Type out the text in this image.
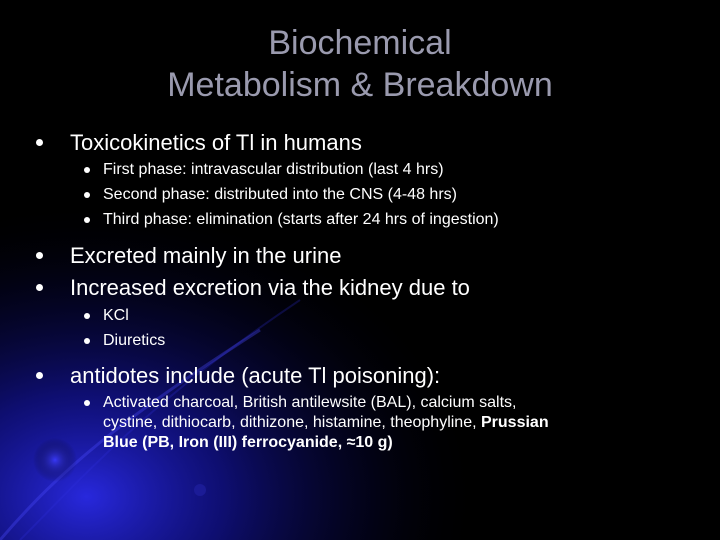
Biochemical
Metabolism & Breakdown
Toxicokinetics of Tl in humans
First phase: intravascular distribution (last 4 hrs)
Second phase: distributed into the CNS (4-48 hrs)
Third phase: elimination (starts after 24 hrs of ingestion)
Excreted mainly in the urine
Increased excretion via the kidney due to
KCl
Diuretics
antidotes include (acute Tl poisoning):
Activated charcoal, British antilewsite (BAL), calcium salts,
cystine, dithiocarb, dithizone, histamine, theophyline, Prussian
Blue (PB, Iron (III) ferrocyanide, ≈10 g)
